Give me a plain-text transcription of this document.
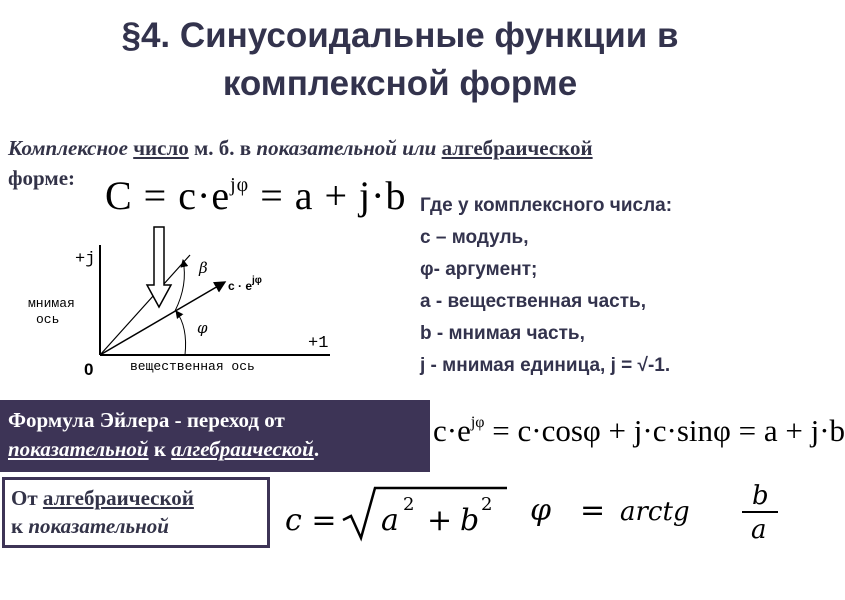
§4. Синусоидальные функции в
комплексной форме
Комплексное число м. б. в показательной или алгебраической
форме: $C = c\cdot e^{j\varphi} = a + j\cdot b$ Где у комплексного числа:
c – модуль,
φ- аргумент;
a - вещественная часть,
b - мнимая часть,
j - мнимая единица, j = √-1.
+j
мнимая
ось
+1
0	вещественная ось
β
φ
$c \cdot e^{j\varphi}$
Формула Эйлера - переход от
показательной к алгебраической.
$c\cdot e^{j\varphi} = c\cdot\cos\varphi + j\cdot c\cdot\sin\varphi = a + j\cdot b$
От алгебраической
к показательной	c = a 2 + b 2 φ = arctg
b
a
